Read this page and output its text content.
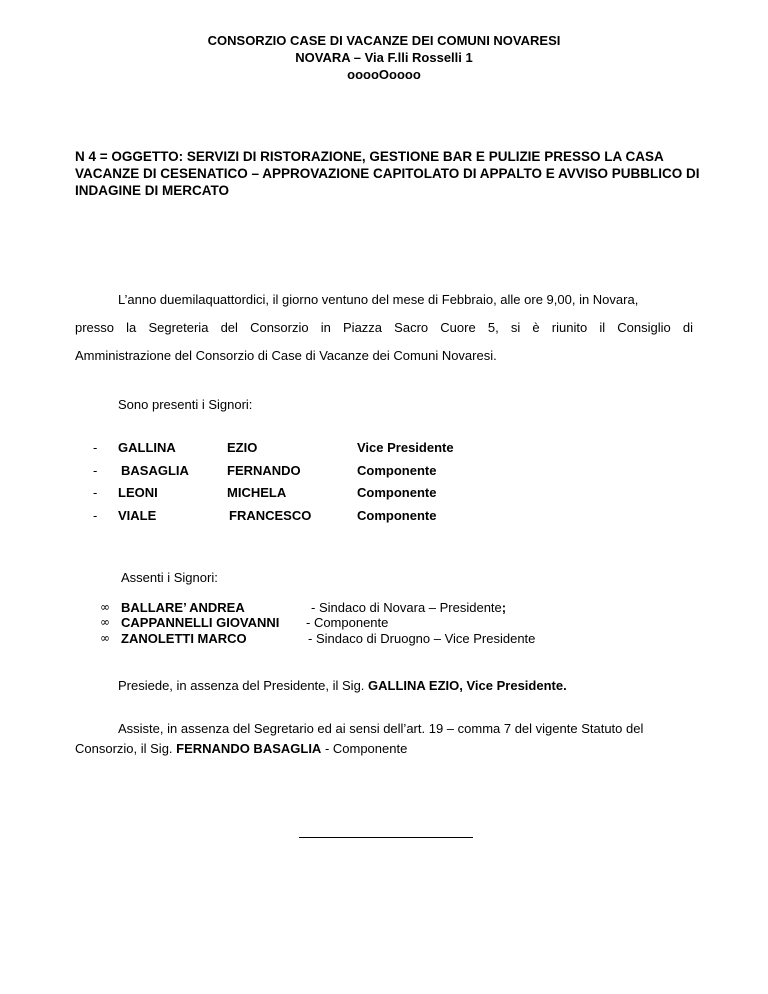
CONSORZIO CASE DI VACANZE DEI COMUNI NOVARESI
NOVARA – Via F.lli Rosselli 1
ooooOoooo
N 4 = OGGETTO: SERVIZI DI RISTORAZIONE, GESTIONE BAR E PULIZIE PRESSO LA CASA VACANZE DI CESENATICO – APPROVAZIONE CAPITOLATO DI APPALTO E AVVISO PUBBLICO DI INDAGINE DI MERCATO
L’anno duemilaquattordici, il giorno ventuno del mese di Febbraio, alle ore 9,00, in Novara,
presso la Segreteria del Consorzio in Piazza Sacro Cuore 5, si è riunito il Consiglio di
Amministrazione del Consorzio di Case di Vacanze dei Comuni Novaresi.
Sono presenti i Signori:
- GALLINA	EZIO	Vice Presidente
- BASAGLIA	FERNANDO	Componente
- LEONI	MICHELA	Componente
- VIALE	FRANCESCO	Componente
Assenti i Signori:
∞ BALLARE’ ANDREA	- Sindaco di Novara – Presidente;
∞ CAPPANNELLI GIOVANNI - Componente
∞ ZANOLETTI MARCO	- Sindaco di Druogno – Vice Presidente
Presiede, in assenza del Presidente, il Sig. GALLINA EZIO, Vice Presidente.
Assiste, in assenza del Segretario ed ai sensi dell’art. 19 – comma 7 del vigente Statuto del
Consorzio, il Sig. FERNANDO BASAGLIA - Componente
